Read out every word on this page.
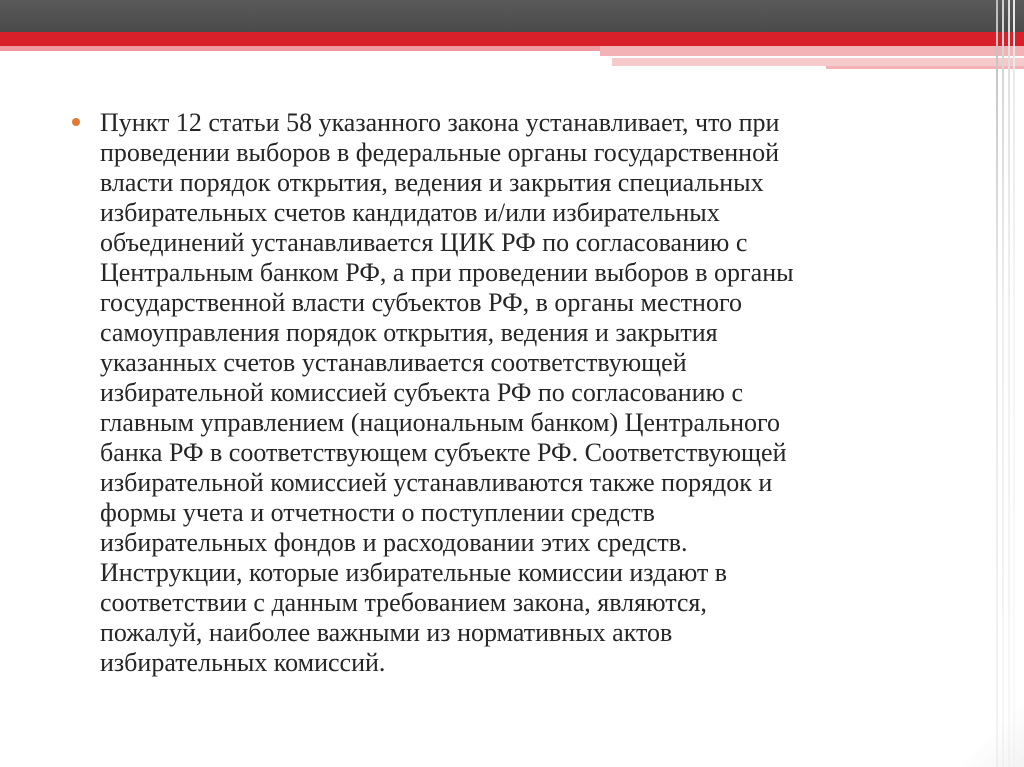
Пункт 12 статьи 58 указанного закона устанавливает, что при
проведении выборов в федеральные органы государственной
власти порядок открытия, ведения и закрытия специальных
избирательных счетов кандидатов и/или избирательных
объединений устанавливается ЦИК РФ по согласованию с
Центральным банком РФ, а при проведении выборов в органы
государственной власти субъектов РФ, в органы местного
самоуправления порядок открытия, ведения и закрытия
указанных счетов устанавливается соответствующей
избирательной комиссией субъекта РФ по согласованию с
главным управлением (национальным банком) Центрального
банка РФ в соответствующем субъекте РФ. Соответствующей
избирательной комиссией устанавливаются также порядок и
формы учета и отчетности о поступлении средств
избирательных фондов и расходовании этих средств.
Инструкции, которые избирательные комиссии издают в
соответствии с данным требованием закона, являются,
пожалуй, наиболее важными из нормативных актов
избирательных комиссий.
